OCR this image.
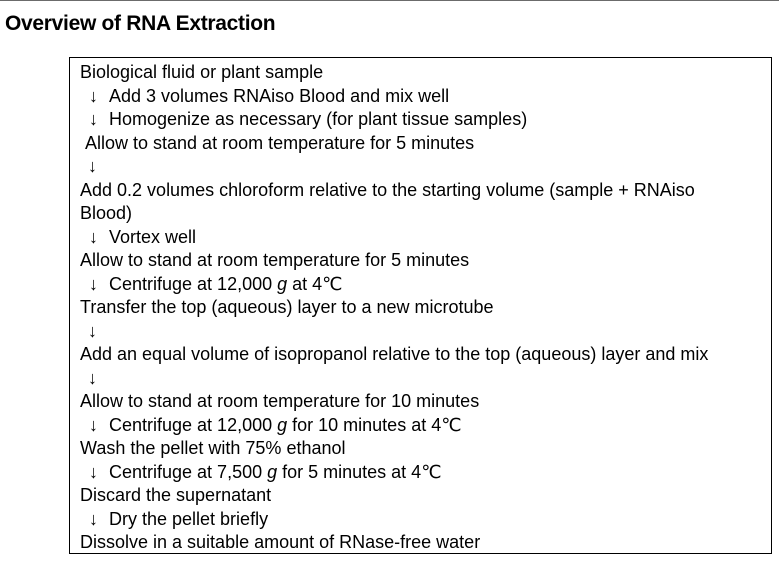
Overview of RNA Extraction
Biological fluid or plant sample
↓ Add 3 volumes RNAiso Blood and mix well
↓ Homogenize as necessary (for plant tissue samples)
Allow to stand at room temperature for 5 minutes
↓
Add 0.2 volumes chloroform relative to the starting volume (sample + RNAiso
Blood)
↓ Vortex well
Allow to stand at room temperature for 5 minutes
↓ Centrifuge at 12,000 g at 4℃
Transfer the top (aqueous) layer to a new microtube
↓
Add an equal volume of isopropanol relative to the top (aqueous) layer and mix
↓
Allow to stand at room temperature for 10 minutes
↓ Centrifuge at 12,000 g for 10 minutes at 4℃
Wash the pellet with 75% ethanol
↓ Centrifuge at 7,500 g for 5 minutes at 4℃
Discard the supernatant
↓ Dry the pellet briefly
Dissolve in a suitable amount of RNase-free water
